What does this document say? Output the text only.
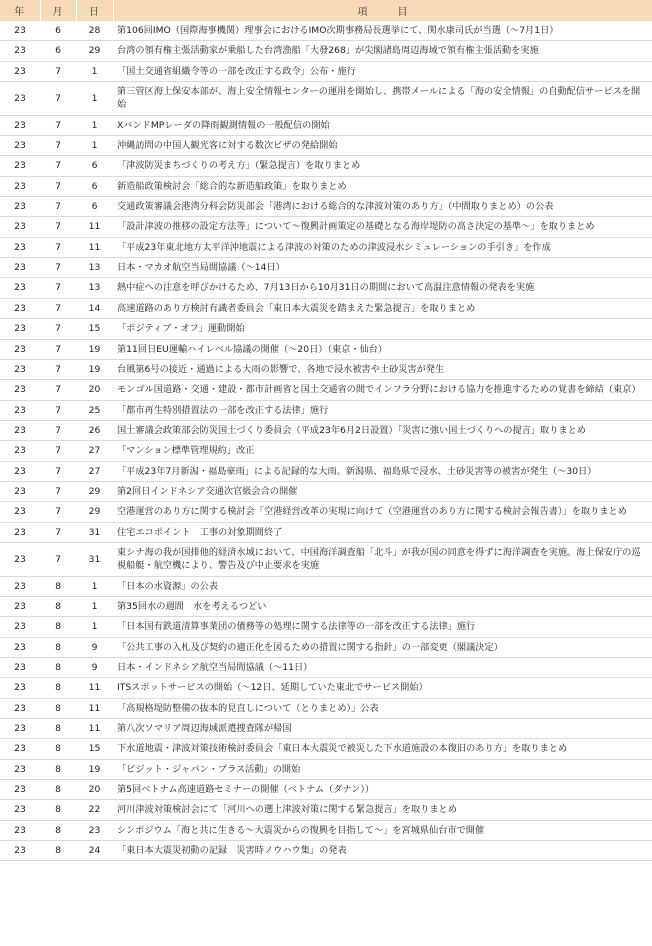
年	月	日	項目
23	6	28	第106回IMO（国際海事機関）理事会におけるIMO次期事務局長選挙にて、関水康司氏が当選（〜7月1日）
23	6	29	台湾の領有権主張活動家が乗船した台湾漁船「大發268」が尖閣諸島周辺海域で領有権主張活動を実施
23	7	1	「国土交通省組織令等の一部を改正する政令」公布・施行
23	7	1	第三管区海上保安本部が、海上安全情報センターの運用を開始し、携帯メールによる「海の安全情報」の自動配信サービスを開始
23	7	1	XバンドMPレーダの降雨観測情報の一般配信の開始
23	7	1	沖縄訪問の中国人観光客に対する数次ビザの発給開始
23	7	6	「津波防災まちづくりの考え方」（緊急提言）を取りまとめ
23	7	6	新造船政策検討会「総合的な新造船政策」を取りまとめ
23	7	6	交通政策審議会港湾分科会防災部会「港湾における総合的な津波対策のあり方」（中間取りまとめ）の公表
23	7	11	「設計津波の推移の設定方法等」について〜復興計画策定の基礎となる海岸堤防の高さ決定の基準〜」を取りまとめ
23	7	11	「平成23年東北地方太平洋沖地震による津波の対策のための津波浸水シミュレーションの手引き」を作成
23	7	13	日本・マカオ航空当局間協議（〜14日）
23	7	13	熱中症への注意を呼びかけるため、7月13日から10月31日の期間において高温注意情報の発表を実施
23	7	14	高速道路のあり方検討有識者委員会「東日本大震災を踏まえた緊急提言」を取りまとめ
23	7	15	「ポジティブ・オフ」運動開始
23	7	19	第11回日EU運輸ハイレベル協議の開催（〜20日）（東京・仙台）
23	7	19	台風第6号の接近・通過による大雨の影響で、各地で浸水被害や土砂災害が発生
23	7	20	モンゴル国道路・交通・建設・都市計画省と国土交通省の間でインフラ分野における協力を推進するための覚書を締結（東京）
23	7	25	「都市再生特別措置法の一部を改正する法律」施行
23	7	26	国土審議会政策部会防災国土づくり委員会（平成23年6月2日設置）「災害に強い国土づくりへの提言」取りまとめ
23	7	27	「マンション標準管理規約」改正
23	7	27	「平成23年7月新潟・福島豪雨」による記録的な大雨。新潟県、福島県で浸水、土砂災害等の被害が発生（〜30日）
23	7	29	第2回日インドネシア交通次官級会合の開催
23	7	29	空港運営のあり方に関する検討会「空港経営改革の実現に向けて（空港運営のあり方に関する検討会報告書）」を取りまとめ
23	7	31	住宅エコポイント　工事の対象期間終了
23	7	31	東シナ海の我が国排他的経済水域において、中国海洋調査船「北斗」が我が国の同意を得ずに海洋調査を実施。海上保安庁の巡視船艇・航空機により、警告及び中止要求を実施
23	8	1	「日本の水資源」の公表
23	8	1	第35回水の週間　水を考えるつどい
23	8	1	「日本国有鉄道清算事業団の債務等の処理に関する法律等の一部を改正する法律」施行
23	8	9	「公共工事の入札及び契約の適正化を図るための措置に関する指針」の一部変更（閣議決定）
23	8	9	日本・インドネシア航空当局間協議（〜11日）
23	8	11	ITSスポットサービスの開始（〜12日、延期していた東北でサービス開始）
23	8	11	「高規格堤防整備の抜本的見直しについて（とりまとめ）」公表
23	8	11	第八次ソマリア周辺海域派遣捜査隊が帰国
23	8	15	下水道地震・津波対策技術検討委員会「東日本大震災で被災した下水道施設の本復旧のあり方」を取りまとめ
23	8	19	「ビジット・ジャパン・プラス活動」の開始
23	8	20	第5回ベトナム高速道路セミナーの開催（ベトナム（ダナン））
23	8	22	河川津波対策検討会にて「河川への遡上津波対策に関する緊急提言」を取りまとめ
23	8	23	シンポジウム「海と共に生きる〜大震災からの復興を目指して〜」を宮城県仙台市で開催
23	8	24	「東日本大震災初動の記録　災害時ノウハウ集」の発表
